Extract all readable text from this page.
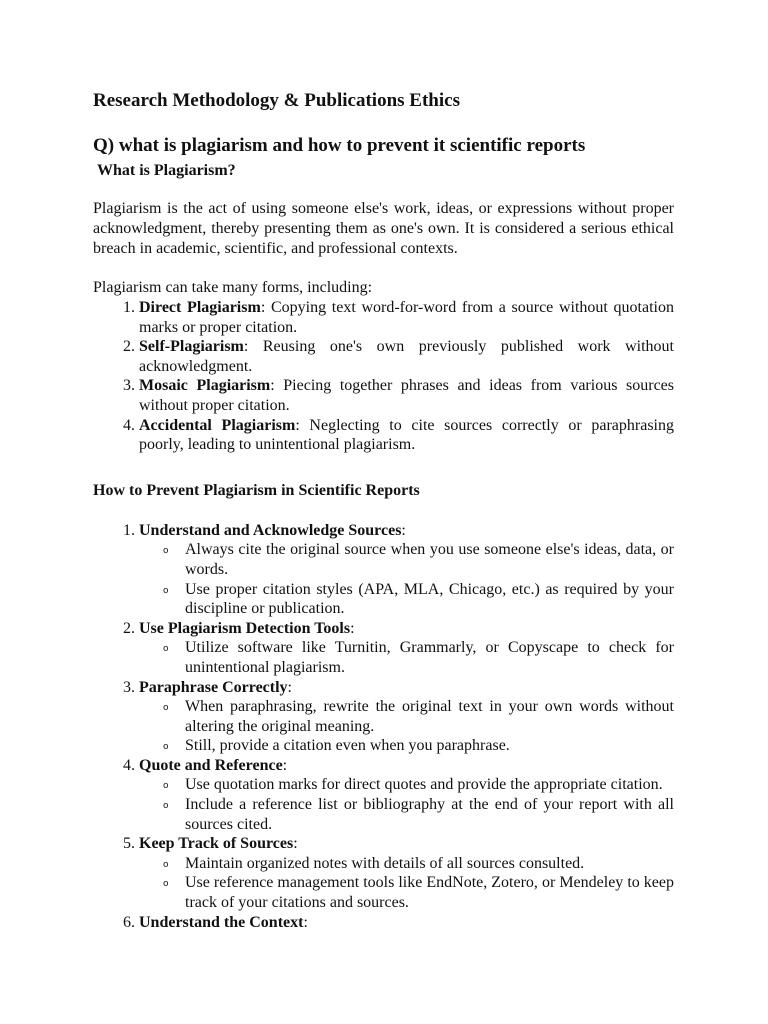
Research Methodology & Publications Ethics
Q) what is plagiarism and how to prevent it scientific reports
What is Plagiarism?

Plagiarism is the act of using someone else's work, ideas, or expressions without proper acknowledgment, thereby presenting them as one's own. It is considered a serious ethical breach in academic, scientific, and professional contexts.

Plagiarism can take many forms, including:

1. Direct Plagiarism: Copying text word-for-word from a source without quotation marks or proper citation.
2. Self-Plagiarism: Reusing one's own previously published work without acknowledgment.
3. Mosaic Plagiarism: Piecing together phrases and ideas from various sources without proper citation.
4. Accidental Plagiarism: Neglecting to cite sources correctly or paraphrasing poorly, leading to unintentional plagiarism.
How to Prevent Plagiarism in Scientific Reports
1. Understand and Acknowledge Sources:
o Always cite the original source when you use someone else's ideas, data, or words.
o Use proper citation styles (APA, MLA, Chicago, etc.) as required by your discipline or publication.
2. Use Plagiarism Detection Tools:
o Utilize software like Turnitin, Grammarly, or Copyscape to check for unintentional plagiarism.
3. Paraphrase Correctly:
o When paraphrasing, rewrite the original text in your own words without altering the original meaning.
o Still, provide a citation even when you paraphrase.
4. Quote and Reference:
o Use quotation marks for direct quotes and provide the appropriate citation.
o Include a reference list or bibliography at the end of your report with all sources cited.
5. Keep Track of Sources:
o Maintain organized notes with details of all sources consulted.
o Use reference management tools like EndNote, Zotero, or Mendeley to keep track of your citations and sources.
6. Understand the Context:
